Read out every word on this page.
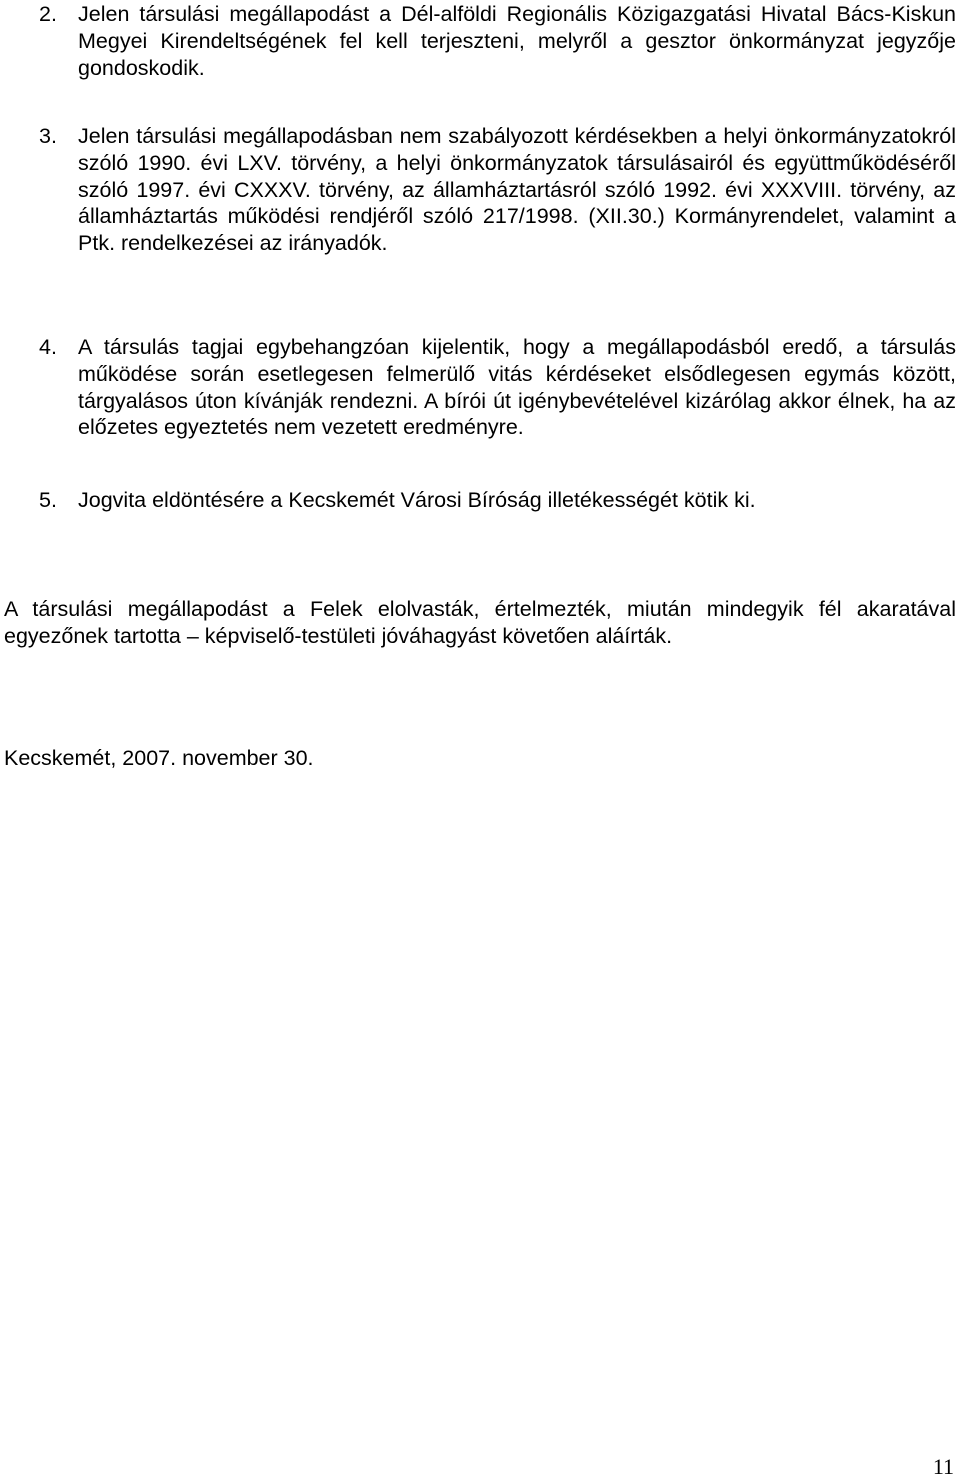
2. Jelen társulási megállapodást a Dél-alföldi Regionális Közigazgatási Hivatal Bács-Kiskun Megyei Kirendeltségének fel kell terjeszteni, melyről a gesztor önkormányzat jegyzője gondoskodik.
3. Jelen társulási megállapodásban nem szabályozott kérdésekben a helyi önkormányzatokról szóló 1990. évi LXV. törvény, a helyi önkormányzatok társulásairól és együttműködéséről szóló 1997. évi CXXXV. törvény, az államháztartásról szóló 1992. évi XXXVIII. törvény, az államháztartás működési rendjéről szóló 217/1998. (XII.30.) Kormányrendelet, valamint a Ptk. rendelkezései az irányadók.
4. A társulás tagjai egybehangzóan kijelentik, hogy a megállapodásból eredő, a társulás működése során esetlegesen felmerülő vitás kérdéseket elsődlegesen egymás között, tárgyalásos úton kívánják rendezni. A bírói út igénybevételével kizárólag akkor élnek, ha az előzetes egyeztetés nem vezetett eredményre.
5. Jogvita eldöntésére a Kecskemét Városi Bíróság illetékességét kötik ki.
A társulási megállapodást a Felek elolvasták, értelmezték, miután mindegyik fél akaratával egyezőnek tartotta – képviselő-testületi jóváhagyást követően aláírták.
Kecskemét, 2007. november 30.
11
